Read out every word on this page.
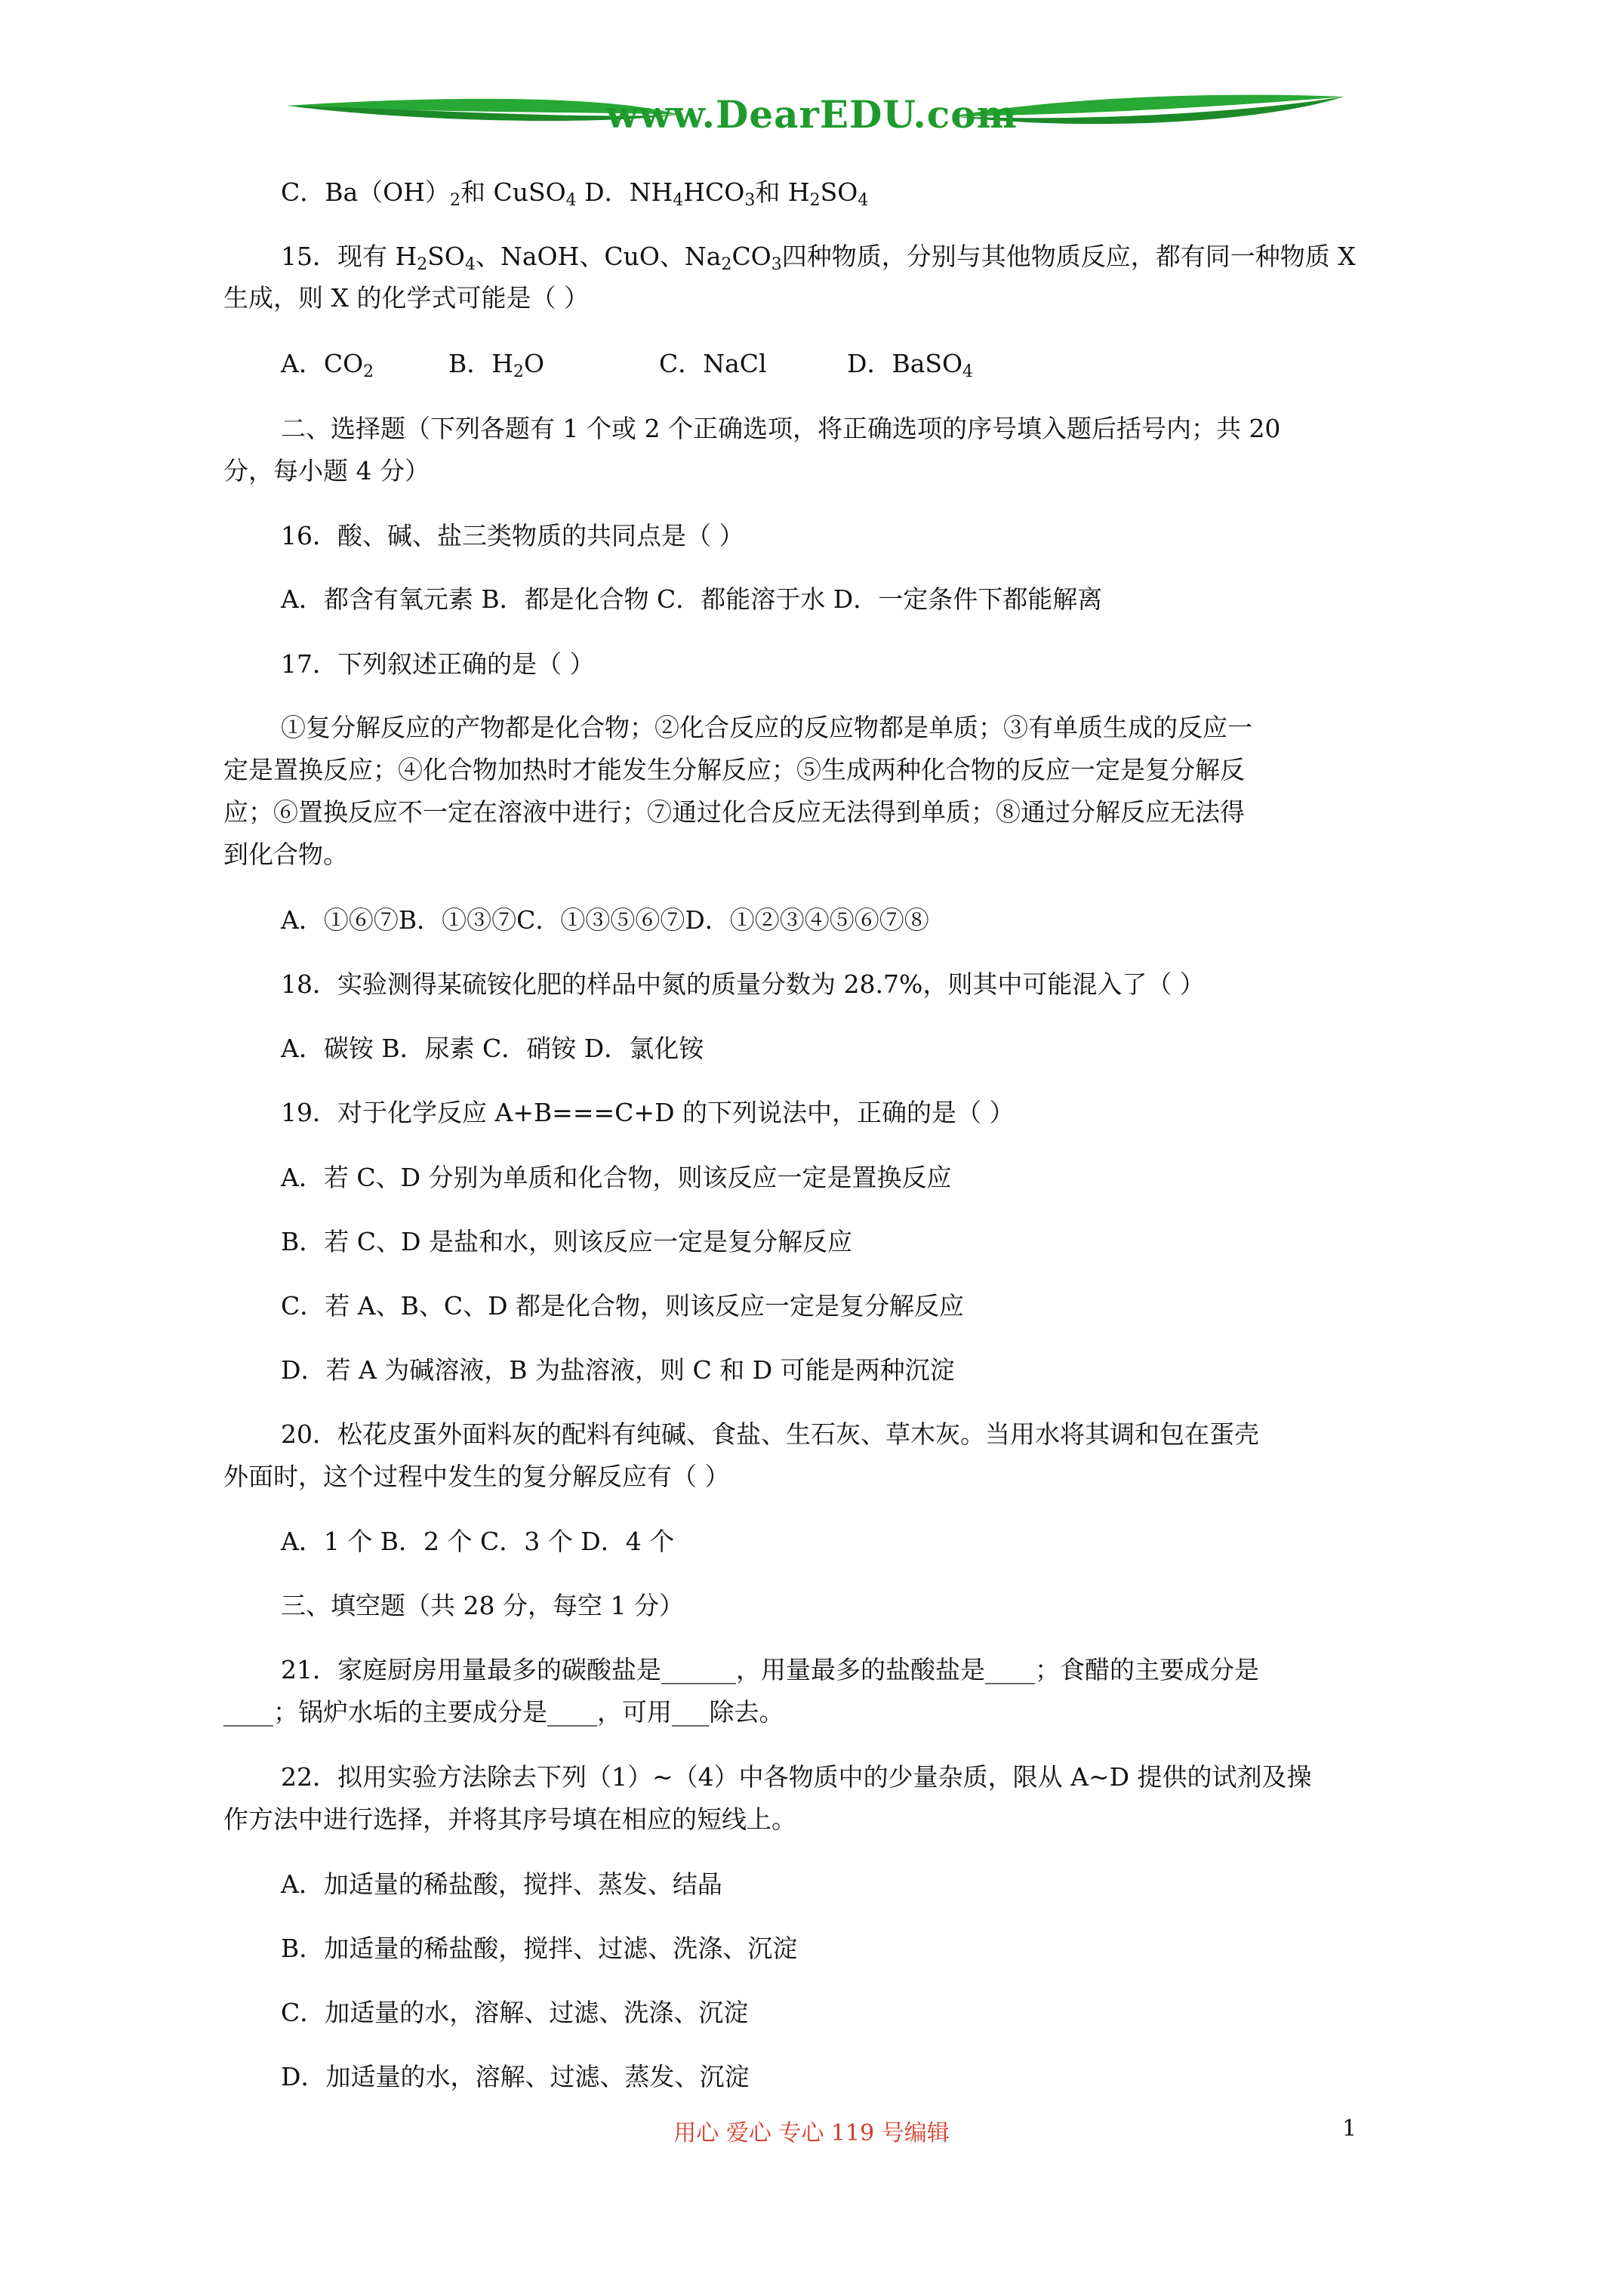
www.DearEDU.com
C．$Ba(OH)_2$和 CuSO$_4$ D．$NH_4HCO_3$和 $H_2SO_4$
15．现有 $H_2SO_4$、NaOH、CuO、$Na_2CO_3$四种物质，分别与其他物质反应，都有同一种物质 X
生成，则 X 的化学式可能是（ ）
A．$CO_2$	B．$H_2O$	C．NaCl	D．BaSO$_4$
二、选择题（下列各题有 1 个或 2 个正确选项，将正确选项的序号填入题后括号内；共 20
分，每小题 4 分）
16．酸、碱、盐三类物质的共同点是（ ）
A．都含有氧元素 B．都是化合物 C．都能溶于水 D．一定条件下都能解离
17．下列叙述正确的是（ ）
①复分解反应的产物都是化合物；②化合反应的反应物都是单质；③有单质生成的反应一
定是置换反应；④化合物加热时才能发生分解反应；⑤生成两种化合物的反应一定是复分解反
应；⑥置换反应不一定在溶液中进行；⑦通过化合反应无法得到单质；⑧通过分解反应无法得
到化合物。
A．①⑥⑦B．①③⑦C．①③⑤⑥⑦D．①②③④⑤⑥⑦⑧
18．实验测得某硫铵化肥的样品中氮的质量分数为 28.7%，则其中可能混入了（ ）
A．碳铵 B．尿素 C．硝铵 D．氯化铵
19．对于化学反应 A+B===C+D 的下列说法中，正确的是（ ）
A．若 C、D 分别为单质和化合物，则该反应一定是置换反应
B．若 C、D 是盐和水，则该反应一定是复分解反应
C．若 A、B、C、D 都是化合物，则该反应一定是复分解反应
D．若 A 为碱溶液，B 为盐溶液，则 C 和 D 可能是两种沉淀
20．松花皮蛋外面料灰的配料有纯碱、食盐、生石灰、草木灰。当用水将其调和包在蛋壳
外面时，这个过程中发生的复分解反应有（ ）
A．1 个 B．2 个 C．3 个 D．4 个
三、填空题（共 28 分，每空 1 分）
21．家庭厨房用量最多的碳酸盐是______，用量最多的盐酸盐是____；食醋的主要成分是
____；锅炉水垢的主要成分是____，可用___除去。
22．拟用实验方法除去下列（1）~（4）中各物质中的少量杂质，限从 A~D 提供的试剂及操
作方法中进行选择，并将其序号填在相应的短线上。
A．加适量的稀盐酸，搅拌、蒸发、结晶
B．加适量的稀盐酸，搅拌、过滤、洗涤、沉淀
C．加适量的水，溶解、过滤、洗涤、沉淀
D．加适量的水，溶解、过滤、蒸发、沉淀
用心 爱心 专心 119 号编辑	1
